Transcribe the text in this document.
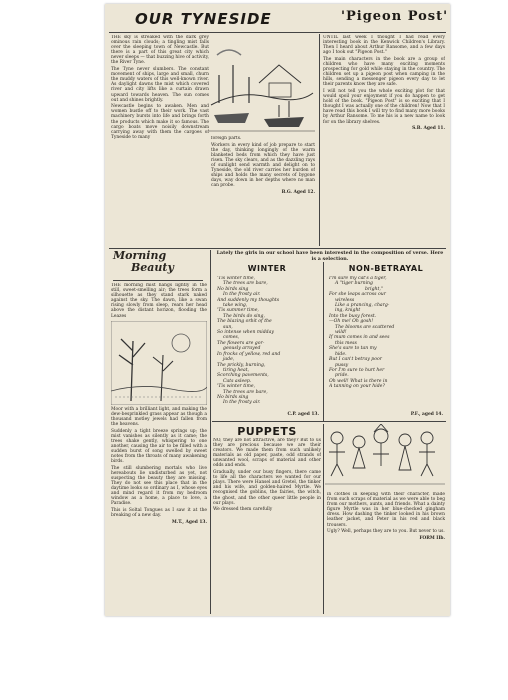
OUR TYNESIDE	'Pigeon Post'

THE sky is streaked with the dark grey ominous rain clouds; a tingling mist falls over the sleeping town of Newcastle. But there is a part of this great city which never sleeps — that buzzing hive of activity, the River Tyne.

The Tyne never slumbers. The constant movement of ships, large and small, churn the muddy waters of this well-known river. As daylight dawns the mist which covered river and city lifts like a curtain drawn upward towards heaven. The sun comes out and shines brightly.

Newcastle begins to awaken. Men and women bustle off to their work. The vast machinery bursts into life and brings forth the products which make it so famous. The cargo boats move noisily downstream carrying away with them the cargoes of Tyneside to many	foreign parts.

Workers in every kind of job prepare to start the day, thinking longingly of the warm blanketed beds from which they have just risen. The sky clears, and as the dazzling rays of sunlight send warmth and delight on to Tyneside, the old river carries her burden of ships and holds the many secrets of bygone days, way down in her depths where no man can probe.

B.G. Aged 12.

UNTIL last week I thought I had read every interesting book in the Kenwick Children's Library. Then I heard about Arthur Ransome, and a few days ago I took out "Pigeon Post."

The main characters in the book are a group of children who have many exciting moments prospecting for gold while staying in the country. The children set up a pigeon post when camping in the hills, sending a messenger pigeon every day to let their parents know they are safe.

I will not tell you the whole exciting plot for that would spoil your enjoyment if you do happen to get hold of the book. "Pigeon Post" is so exciting that I thought I was actually one of the children! Now that I have read this book I will try to find many more books by Arthur Ransome. To me his is a new name to look for on the library shelves.

S.B. Aged 11.
Morning
Beauty
Lately the girls in our school have been interested in the composition of verse. Here is a selection.

THE morning mist hangs lightly in the still, sweet-smelling air; the trees form a silhouette as they stand stark naked against the sky. The dawn, like a swan rising slowly from sleep, rears her head above the distant horizon, flooding the Leazes

Moor with a brilliant light, and making the dew-besprinkled grass appear as though a thousand motley jewels had fallen from the heavens.

Suddenly a tight breeze springs up; the mist vanishes as silently as it came; the trees shake gently, whispering to one another, causing the air to be filled with a sudden burst of song swelled by sweet notes from the throats of many awakening birds.

The still slumbering mortals who live hereabouts lie undisturbed as yet, not suspecting the beauty they are missing. They do not see this place that in the daytime looks so ordinary as I, whose eyes and mind regard it from my bedroom window as a home, a place to love, a Paradise.

This is Soltal Tongues as I saw it at the breaking of a new day.

M.T., Aged 13.
WINTER
'Tis winter time,
The trees are bare,
No birds sing
In the frosty air.
And suddenly my thoughts
take wing,
'Tis summer time,
The birds do sing,
The blazing orbit of the
sun,
So intense when midday
comes,
The flowers are gor-
geously arrayed
In frocks of yellow, red and
jade,
The prickly, burning,
tiring heat,
Scorching pavements,
Cats asleep.
'Tis winter time,
The trees are bare,
No birds sing
In the frosty air.
C.P. aged 13.
NON-BETRAYAL
I'm sure my cat's a tiger,
A "tiger burning
bright,"
For she leaps across our
wireless
Like a prancing, charg-
ing, knight
Into the busy forest.
—Oh me! Oh gosh!
The blooms are scattered
wild!
If mum comes in and sees
this mess
She's sure to tan my
hide.
But I can't betray poor
pussy
For I'm sure to hurt her
pride.
Oh well! What is there in
A tanning on your hide?
P.F., aged 14.
PUPPETS

NO, they are not attractive, are they? But to us they are precious because we are their creators. We made them from such unlikely materials as old paper, paste, odd strands of unwanted wool, scraps of material and other odds and ends.

Gradually, under our busy fingers, there came to life all the characters we wanted for our plays. There were Hansel and Gretel, the tinker and his wife, and golden-haired Myrtle. We recognised the goblins, the fairies, the witch, the ghost, and the other queer little people in our plays.

We dressed them carefully

in clothes in keeping with their character, made from such scraps of material as we were able to beg from our mothers, aunts, and friends. What a dainty figure Myrtle was in her blue-checked gingham dress. How dashing the tinker looked in his brown leather jacket, and Peter in his red and black trousers.

Ugly? Well, perhaps they are to you. But never to us.

FORM IIb.
